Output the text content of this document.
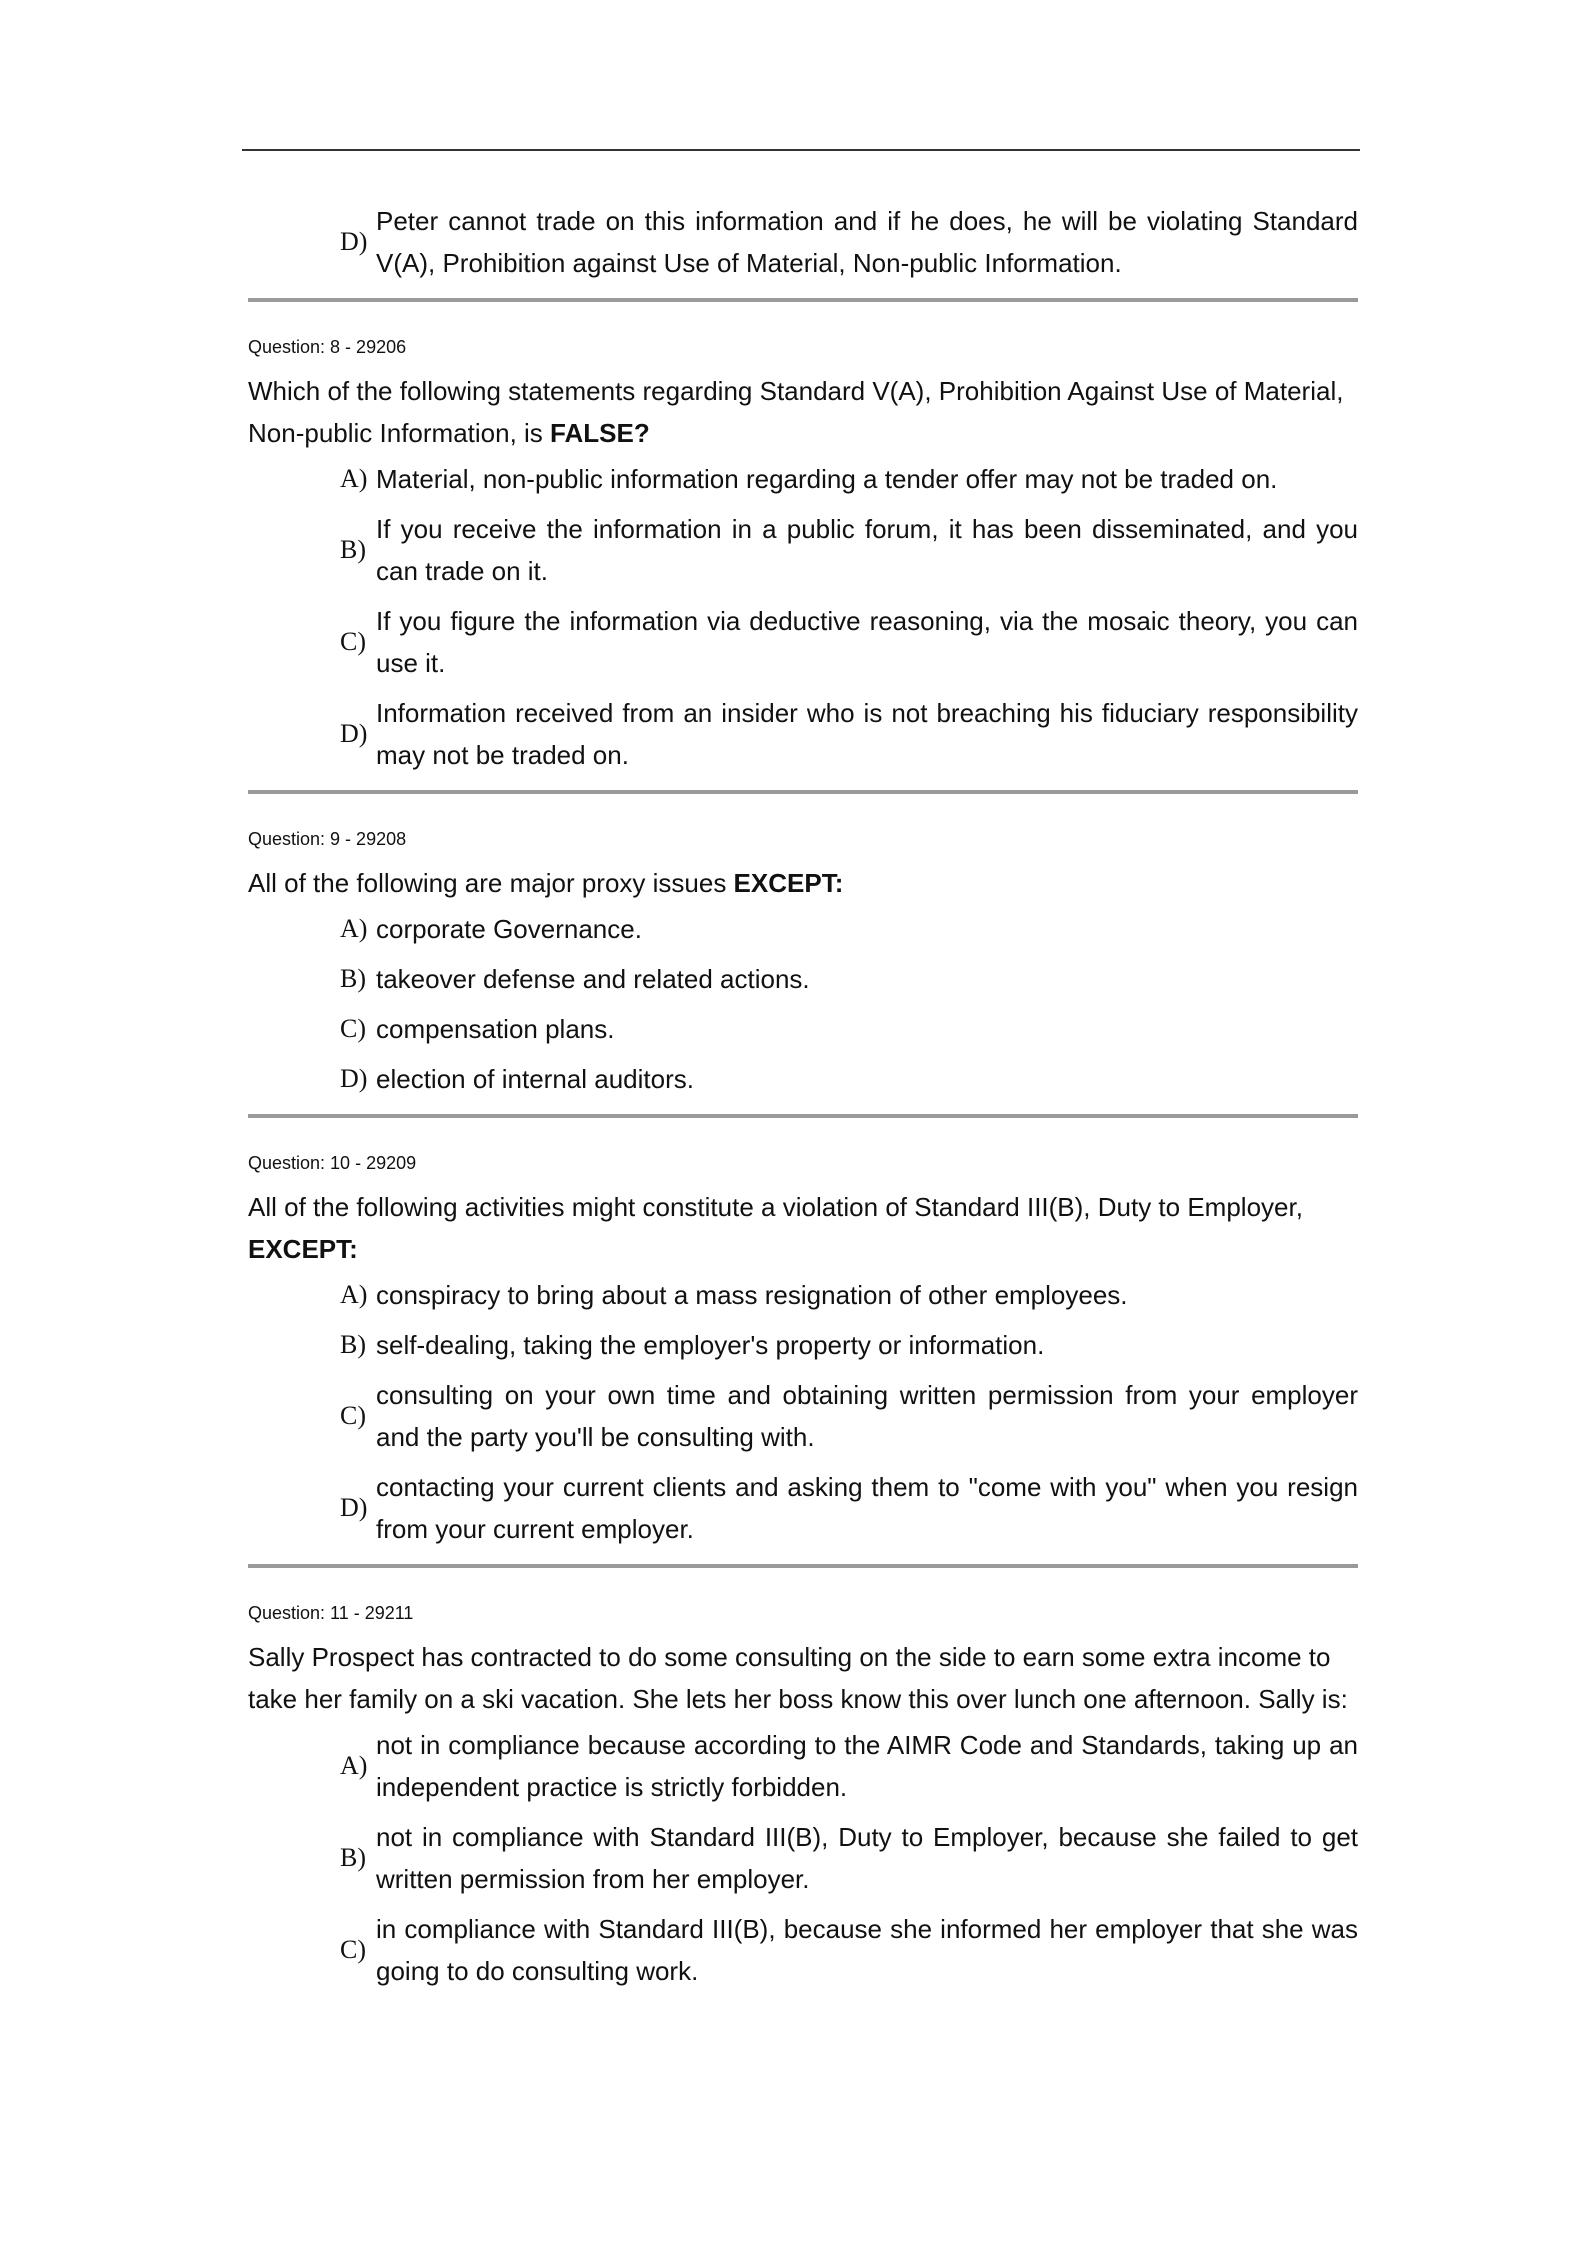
D)
Peter cannot trade on this information and if he does, he will be violating Standard V(A), Prohibition against Use of Material, Non-public Information.
Question: 8 - 29206
Which of the following statements regarding Standard V(A), Prohibition Against Use of Material, Non-public Information, is FALSE?
A) Material, non-public information regarding a tender offer may not be traded on.
B)
If you receive the information in a public forum, it has been disseminated, and you can trade on it.
C)
If you figure the information via deductive reasoning, via the mosaic theory, you can use it.
D)
Information received from an insider who is not breaching his fiduciary responsibility may not be traded on.
Question: 9 - 29208
All of the following are major proxy issues EXCEPT:
A) corporate Governance.
B) takeover defense and related actions.
C) compensation plans.
D) election of internal auditors.
Question: 10 - 29209
All of the following activities might constitute a violation of Standard III(B), Duty to Employer, EXCEPT:
A) conspiracy to bring about a mass resignation of other employees.
B) self-dealing, taking the employer's property or information.
C)
consulting on your own time and obtaining written permission from your employer and the party you'll be consulting with.
D)
contacting your current clients and asking them to "come with you" when you resign from your current employer.
Question: 11 - 29211
Sally Prospect has contracted to do some consulting on the side to earn some extra income to take her family on a ski vacation. She lets her boss know this over lunch one afternoon. Sally is:
A)
not in compliance because according to the AIMR Code and Standards, taking up an independent practice is strictly forbidden.
B)
not in compliance with Standard III(B), Duty to Employer, because she failed to get written permission from her employer.
C)
in compliance with Standard III(B), because she informed her employer that she was going to do consulting work.
